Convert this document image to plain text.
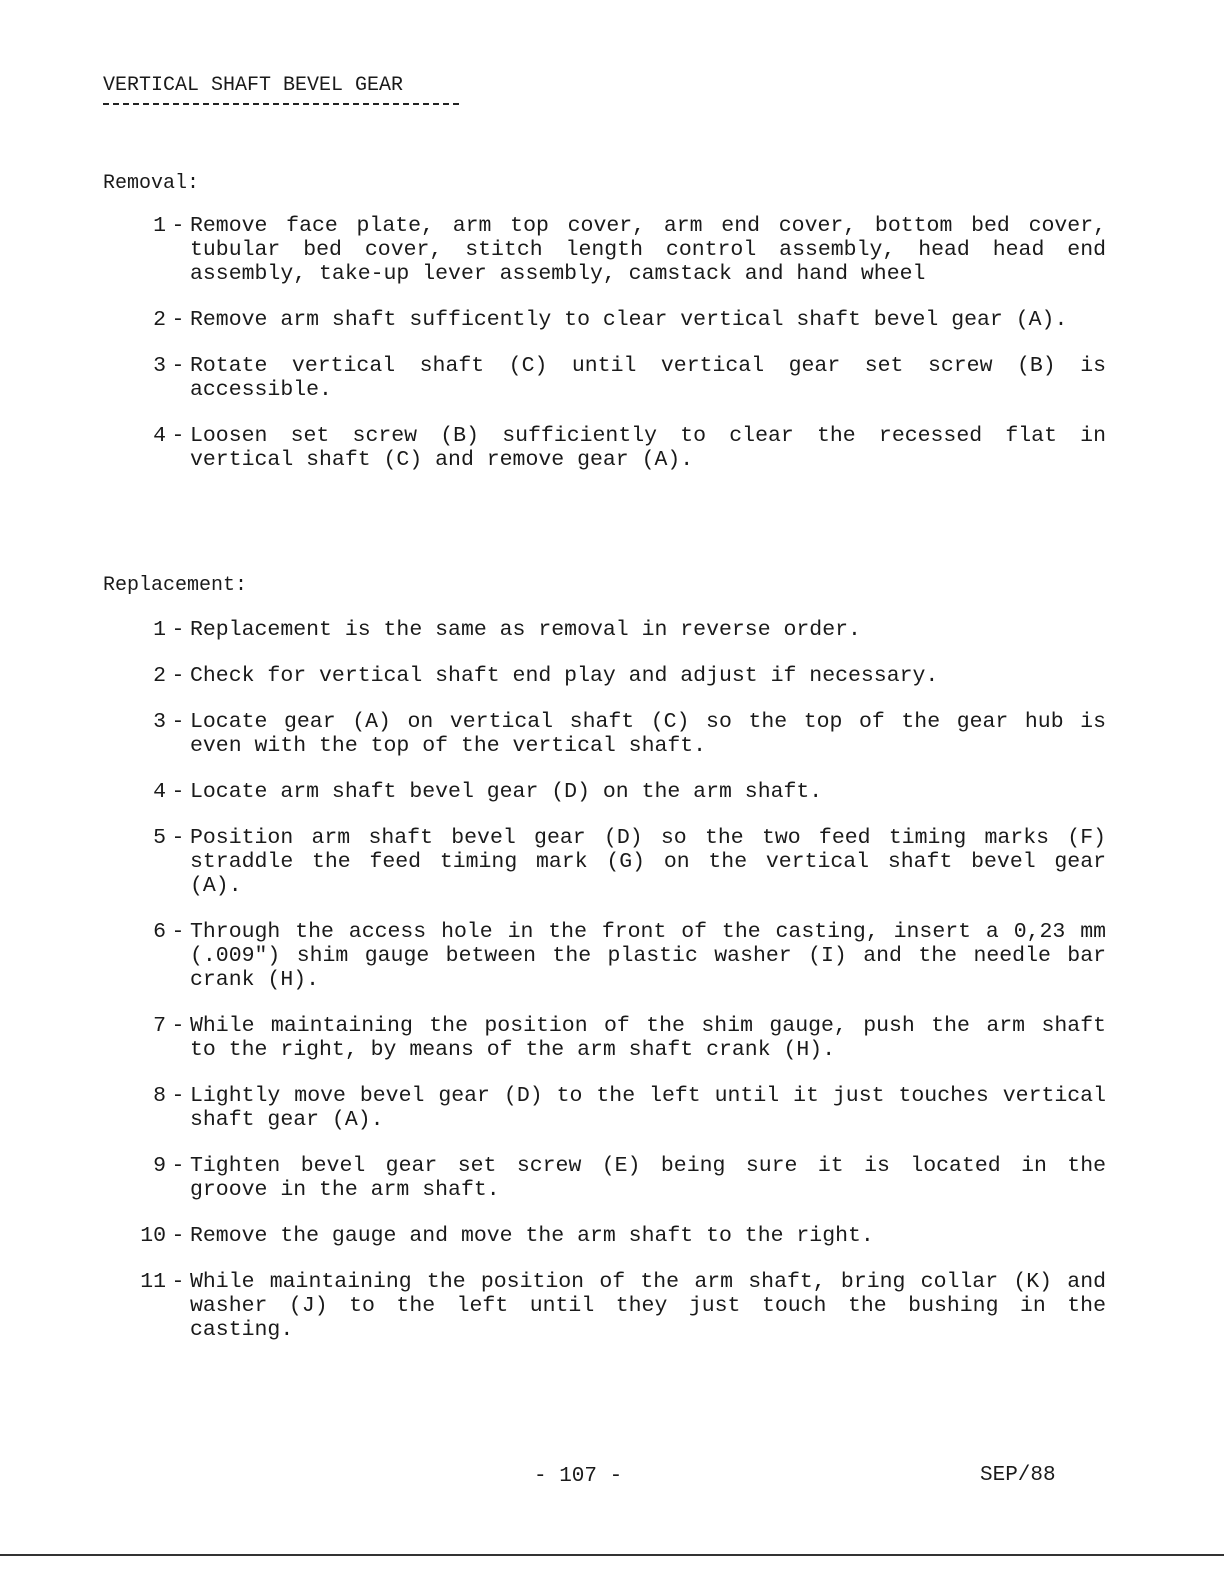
VERTICAL SHAFT BEVEL GEAR
Removal:
1 - Remove face plate, arm top cover, arm end cover, bottom bed cover, tubular bed cover, stitch length control assembly, head head end assembly, take-up lever assembly, camstack and hand wheel
2 - Remove arm shaft sufficently to clear vertical shaft bevel gear (A).
3 - Rotate vertical shaft (C) until vertical gear set screw (B) is accessible.
4 - Loosen set screw (B) sufficiently to clear the recessed flat in vertical shaft (C) and remove gear (A).
Replacement:
1 - Replacement is the same as removal in reverse order.
2 - Check for vertical shaft end play and adjust if necessary.
3 - Locate gear (A) on vertical shaft (C) so the top of the gear hub is even with the top of the vertical shaft.
4 - Locate arm shaft bevel gear (D) on the arm shaft.
5 - Position arm shaft bevel gear (D) so the two feed timing marks (F) straddle the feed timing mark (G) on the vertical shaft bevel gear (A).
6 - Through the access hole in the front of the casting, insert a 0,23 mm (.009") shim gauge between the plastic washer (I) and the needle bar crank (H).
7 - While maintaining the position of the shim gauge, push the arm shaft to the right, by means of the arm shaft crank (H).
8 - Lightly move bevel gear (D) to the left until it just touches vertical shaft gear (A).
9 - Tighten bevel gear set screw (E) being sure it is located in the groove in the arm shaft.
10 - Remove the gauge and move the arm shaft to the right.
11 - While maintaining the position of the arm shaft, bring collar (K) and washer (J) to the left until they just touch the bushing in the casting.
- 107 -	SEP/88
